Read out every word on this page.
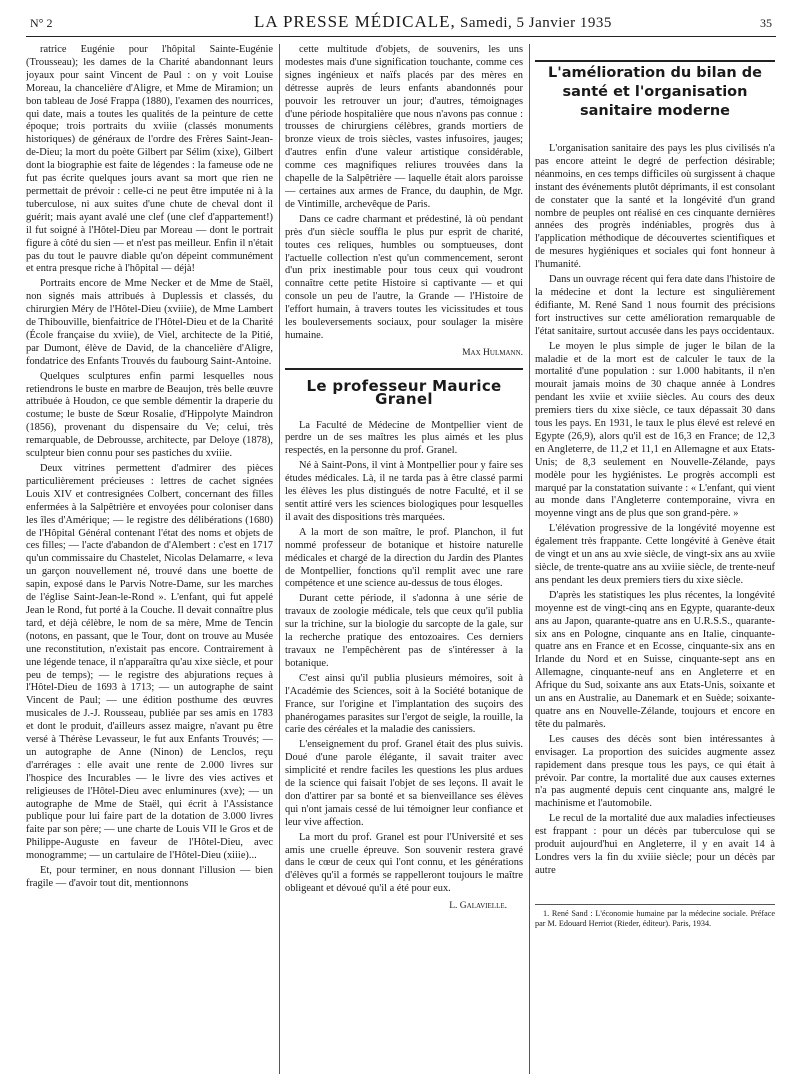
N° 2	LA PRESSE MÉDICALE, Samedi, 5 Janvier 1935	35

ratrice Eugénie pour l'hôpital Sainte-Eugénie (Trousseau); les dames de la Charité abandonnant leurs joyaux pour saint Vincent de Paul : on y voit Louise Moreau, la chancelière d'Aligre, et Mme de Miramion; un bon tableau de José Frappa (1880), l'examen des nourrices, qui date, mais a toutes les qualités de la peinture de cette époque; trois portraits du xviiie (classés monuments historiques) de généraux de l'ordre des Frères Saint-Jean-de-Dieu; la mort du poète Gilbert par Sélim (xixe), Gilbert dont la biographie est faite de légendes : la fameuse ode ne fut pas écrite quelques jours avant sa mort que rien ne permettait de prévoir : celle-ci ne peut être imputée ni à la tuberculose, ni aux suites d'une chute de cheval dont il guérit; mais ayant avalé une clef (une clef d'appartement!) il fut soigné à l'Hôtel-Dieu par Moreau — dont le portrait figure à côté du sien — et n'est pas meilleur. Enfin il n'était pas du tout le pauvre diable qu'on dépeint communément et entra presque riche à l'hôpital — déjà!

Portraits encore de Mme Necker et de Mme de Staël, non signés mais attribués à Duplessis et classés, du chirurgien Méry de l'Hôtel-Dieu (xviiie), de Mme Lambert de Thibouville, bienfaitrice de l'Hôtel-Dieu et de la Charité (École française du xviie), de Viel, architecte de la Pitié, par Dumont, élève de David, de la chancelière d'Aligre, fondatrice des Enfants Trouvés du faubourg Saint-Antoine.

Quelques sculptures enfin parmi lesquelles nous retiendrons le buste en marbre de Beaujon, très belle œuvre attribuée à Houdon, ce que semble démentir la draperie du costume; le buste de Sœur Rosalie, d'Hippolyte Maindron (1856), provenant du dispensaire du Ve; celui, très remarquable, de Debrousse, architecte, par Deloye (1878), sculpteur bien connu pour ses pastiches du xviiie.

Deux vitrines permettent d'admirer des pièces particulièrement précieuses : lettres de cachet signées Louis XIV et contresignées Colbert, concernant des filles enfermées à la Salpêtrière et envoyées pour coloniser dans les îles d'Amérique; — le registre des délibérations (1680) de l'Hôpital Général contenant l'état des noms et objets de ces filles; — l'acte d'abandon de d'Alembert : c'est en 1717 qu'un commissaire du Chastelet, Nicolas Delamarre, « leva un garçon nouvellement né, trouvé dans une boette de sapin, exposé dans le Parvis Notre-Dame, sur les marches de l'église Saint-Jean-le-Rond ». L'enfant, qui fut appelé Jean le Rond, fut porté à la Couche. Il devait connaître plus tard, et déjà célèbre, le nom de sa mère, Mme de Tencin (notons, en passant, que le Tour, dont on trouve au Musée une reconstitution, n'existait pas encore. Contrairement à une légende tenace, il n'apparaîtra qu'au xixe siècle, et pour peu de temps); — le registre des abjurations reçues à l'Hôtel-Dieu de 1693 à 1713; — un autographe de saint Vincent de Paul; — une édition posthume des œuvres musicales de J.-J. Rousseau, publiée par ses amis en 1783 et dont le produit, d'ailleurs assez maigre, n'avant pu être versé à Thérèse Levasseur, le fut aux Enfants Trouvés; — un autographe de Anne (Ninon) de Lenclos, reçu d'arrérages : elle avait une rente de 2.000 livres sur l'hospice des Incurables — le livre des vies actives et religieuses de l'Hôtel-Dieu avec enluminures (xve); — un autographe de Mme de Staël, qui écrit à l'Assistance publique pour lui faire part de la dotation de 3.000 livres faite par son père; — une charte de Louis VII le Gros et de Philippe-Auguste en faveur de l'Hôtel-Dieu, avec monogramme; — un cartulaire de l'Hôtel-Dieu (xiiie)...

Et, pour terminer, en nous donnant l'illusion — bien fragile — d'avoir tout dit, mentionnons

cette multitude d'objets, de souvenirs, les uns modestes mais d'une signification touchante, comme ces signes ingénieux et naïfs placés par des mères en détresse auprès de leurs enfants abandonnés pour pouvoir les retrouver un jour; d'autres, témoignages d'une période hospitalière que nous n'avons pas connue : trousses de chirurgiens célèbres, grands mortiers de bronze vieux de trois siècles, vastes infusoires, jauges; d'autres enfin d'une valeur artistique considérable, comme ces magnifiques reliures trouvées dans la chapelle de la Salpêtrière — laquelle était alors paroisse — certaines aux armes de France, du dauphin, de Mgr. de Vintimille, archevêque de Paris.

Dans ce cadre charmant et prédestiné, là où pendant près d'un siècle souffla le plus pur esprit de charité, toutes ces reliques, humbles ou somptueuses, dont l'actuelle collection n'est qu'un commencement, seront d'un prix inestimable pour tous ceux qui voudront connaître cette petite Histoire si captivante — et qui console un peu de l'autre, la Grande — l'Histoire de l'effort humain, à travers toutes les vicissitudes et tous les bouleversements sociaux, pour soulager la misère humaine.

Max Hulmann.
Le professeur Maurice Granel

La Faculté de Médecine de Montpellier vient de perdre un de ses maîtres les plus aimés et les plus respectés, en la personne du prof. Granel.

Né à Saint-Pons, il vint à Montpellier pour y faire ses études médicales. Là, il ne tarda pas à être classé parmi les élèves les plus distingués de notre Faculté, et il se sentit attiré vers les sciences biologiques pour lesquelles il avait des dispositions très marquées.

A la mort de son maître, le prof. Planchon, il fut nommé professeur de botanique et histoire naturelle médicales et chargé de la direction du Jardin des Plantes de Montpellier, fonctions qu'il remplit avec une rare compétence et une science au-dessus de tous éloges.

Durant cette période, il s'adonna à une série de travaux de zoologie médicale, tels que ceux qu'il publia sur la trichine, sur la biologie du sarcopte de la gale, sur la recherche pratique des entozoaires. Ces derniers travaux ne l'empêchèrent pas de s'intéresser à la botanique.

C'est ainsi qu'il publia plusieurs mémoires, soit à l'Académie des Sciences, soit à la Société botanique de France, sur l'origine et l'implantation des suçoirs des phanérogames parasites sur l'ergot de seigle, la rouille, la carie des céréales et la maladie des canissiers.

L'enseignement du prof. Granel était des plus suivis. Doué d'une parole élégante, il savait traiter avec simplicité et rendre faciles les questions les plus ardues de la science qui faisait l'objet de ses leçons. Il avait le don d'attirer par sa bonté et sa bienveillance ses élèves qui n'ont jamais cessé de lui témoigner leur confiance et leur vive affection.

La mort du prof. Granel est pour l'Université et ses amis une cruelle épreuve. Son souvenir restera gravé dans le cœur de ceux qui l'ont connu, et les générations d'élèves qu'il a formés se rappelleront toujours le maître obligeant et dévoué qu'il a été pour eux.

L. Galavielle.
L'amélioration du bilan de santé et l'organisation sanitaire moderne

L'organisation sanitaire des pays les plus civilisés n'a pas encore atteint le degré de perfection désirable; néanmoins, en ces temps difficiles où surgissent à chaque instant des événements plutôt déprimants, il est consolant de constater que la santé et la longévité d'un grand nombre de peuples ont réalisé en ces cinquante dernières années des progrès indéniables, progrès dus à l'application méthodique de découvertes scientifiques et de mesures hygiéniques et sociales qui font honneur à l'humanité.

Dans un ouvrage récent qui fera date dans l'histoire de la médecine et dont la lecture est singulièrement édifiante, M. René Sand 1 nous fournit des précisions fort instructives sur cette amélioration remarquable de l'état sanitaire, surtout accusée dans les pays occidentaux.

Le moyen le plus simple de juger le bilan de la maladie et de la mort est de calculer le taux de la mortalité d'une population : sur 1.000 habitants, il n'en mourait jamais moins de 30 chaque année à Londres pendant les xviie et xviiie siècles. Au cours des deux premiers tiers du xixe siècle, ce taux dépassait 30 dans tous les pays. En 1931, le taux le plus élevé est relevé en Egypte (26,9), alors qu'il est de 16,3 en France; de 12,3 en Angleterre, de 11,2 et 11,1 en Allemagne et aux Etats-Unis; de 8,3 seulement en Nouvelle-Zélande, pays modèle pour les hygiénistes. Le progrès accompli est marqué par la constatation suivante : « L'enfant, qui vient au monde dans l'Angleterre contemporaine, vivra en moyenne vingt ans de plus que son grand-père. »

L'élévation progressive de la longévité moyenne est également très frappante. Cette longévité à Genève était de vingt et un ans au xvie siècle, de vingt-six ans au xviie siècle, de trente-quatre ans au xviiie siècle, de trente-neuf ans pendant les deux premiers tiers du xixe siècle.

D'après les statistiques les plus récentes, la longévité moyenne est de vingt-cinq ans en Egypte, quarante-deux ans au Japon, quarante-quatre ans en U.R.S.S., quarante-six ans en Pologne, cinquante ans en Italie, cinquante-quatre ans en France et en Ecosse, cinquante-six ans en Irlande du Nord et en Suisse, cinquante-sept ans en Allemagne, cinquante-neuf ans en Angleterre et en Afrique du Sud, soixante ans aux Etats-Unis, soixante et un ans en Australie, au Danemark et en Suède; soixante-quatre ans en Nouvelle-Zélande, toujours et encore en tête du palmarès.

Les causes des décès sont bien intéressantes à envisager. La proportion des suicides augmente assez rapidement dans presque tous les pays, ce qui était à prévoir. Par contre, la mortalité due aux causes externes n'a pas augmenté depuis cent cinquante ans, malgré le machinisme et l'automobile.

Le recul de la mortalité due aux maladies infectieuses est frappant : pour un décès par tuberculose qui se produit aujourd'hui en Angleterre, il y en avait 14 à Londres vers la fin du xviiie siècle; pour un décès par autre

1. René Sand : L'économie humaine par la médecine sociale. Préface par M. Edouard Herriot (Rieder, éditeur). Paris, 1934.
